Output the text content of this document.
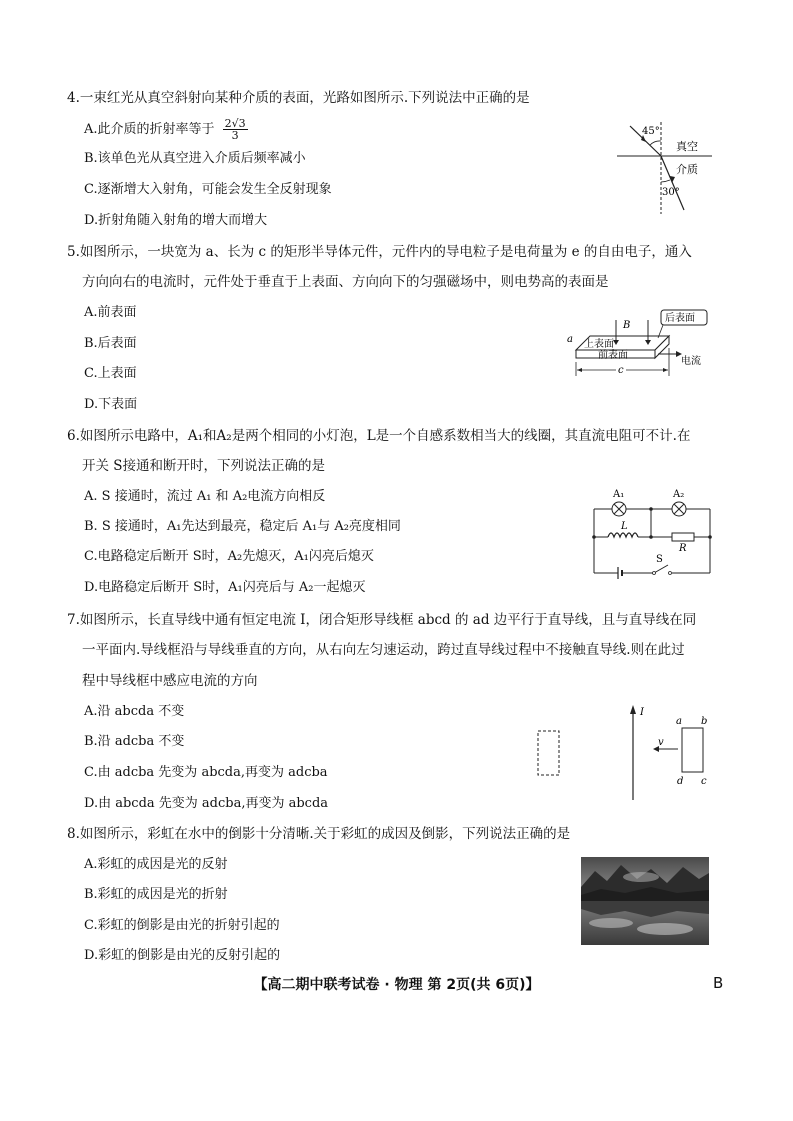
4.一束红光从真空斜射向某种介质的表面，光路如图所示.下列说法中正确的是
A.此介质的折射率等于 $\frac{2√3}{3}$
B.该单色光从真空进入介质后频率减小
C.逐渐增大入射角，可能会发生全反射现象
D.折射角随入射角的增大而增大
45°
真空
介质
30°
5.如图所示，一块宽为 a、长为 c 的矩形半导体元件，元件内的导电粒子是电荷量为 e 的自由电子，通入
方向向右的电流时，元件处于垂直于上表面、方向向下的匀强磁场中，则电势高的表面是
A.前表面
B.后表面
C.上表面
D.下表面
B
后表面
上表面
前表面
a
电流
c
6.如图所示电路中，A₁和A₂是两个相同的小灯泡，L是一个自感系数相当大的线圈，其直流电阻可不计.在
开关 S接通和断开时，下列说法正确的是
A. S 接通时，流过 A₁ 和 A₂电流方向相反
B. S 接通时，A₁先达到最亮，稳定后 A₁与 A₂亮度相同
C.电路稳定后断开 S时，A₂先熄灭，A₁闪亮后熄灭
D.电路稳定后断开 S时，A₁闪亮后与 A₂一起熄灭
A₁	A₂
L
R
S
7.如图所示，长直导线中通有恒定电流 I，闭合矩形导线框 abcd 的 ad 边平行于直导线，且与直导线在同
一平面内.导线框沿与导线垂直的方向，从右向左匀速运动，跨过直导线过程中不接触直导线.则在此过
程中导线框中感应电流的方向
A.沿 abcda 不变
B.沿 adcba 不变
C.由 adcba 先变为 abcda,再变为 adcba
D.由 abcda 先变为 adcba,再变为 abcda
I
v
a b
d c
8.如图所示，彩虹在水中的倒影十分清晰.关于彩虹的成因及倒影，下列说法正确的是
A.彩虹的成因是光的反射
B.彩虹的成因是光的折射
C.彩虹的倒影是由光的折射引起的
D.彩虹的倒影是由光的反射引起的
【高二期中联考试卷 · 物理 第 2页(共 6页)】	B
